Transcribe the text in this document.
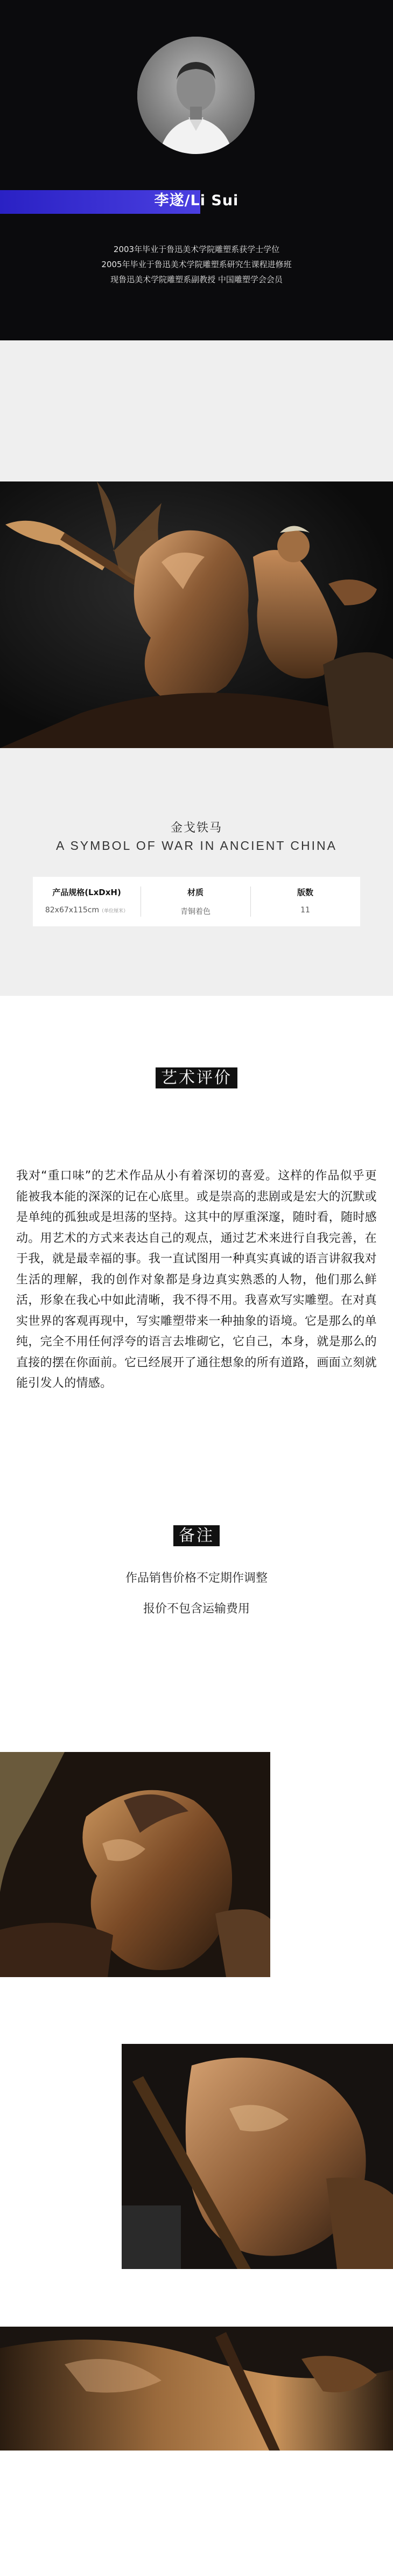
李遂/Li Sui
2003年毕业于鲁迅美术学院雕塑系获学士学位
2005年毕业于鲁迅美术学院雕塑系研究生课程进修班
现鲁迅美术学院雕塑系副教授 中国雕塑学会会员
金戈铁马
A SYMBOL OF WAR IN ANCIENT CHINA
产品规格(LxDxH)
82x67x115cm（单位厘米）
材质
青铜着色
版数
11
艺术评价
我对“重口味”的艺术作品从小有着深切的喜爱。这样的作品似乎更能被我本能的深深的记在心底里。或是崇高的悲剧或是宏大的沉默或是单纯的孤独或是坦荡的坚持。这其中的厚重深邃，随时看，随时感动。用艺术的方式来表达自己的观点，通过艺术来进行自我完善，在于我，就是最幸福的事。我一直试图用一种真实真诚的语言讲叙我对生活的理解，我的创作对象都是身边真实熟悉的人物，他们那么鲜活，形象在我心中如此清晰，我不得不用。我喜欢写实雕塑。在对真实世界的客观再现中，写实雕塑带来一种抽象的语境。它是那么的单纯，完全不用任何浮夸的语言去堆砌它，它自己，本身，就是那么的直接的摆在你面前。它已经展开了通往想象的所有道路，画面立刻就能引发人的情感。
备注
作品销售价格不定期作调整
报价不包含运输费用
